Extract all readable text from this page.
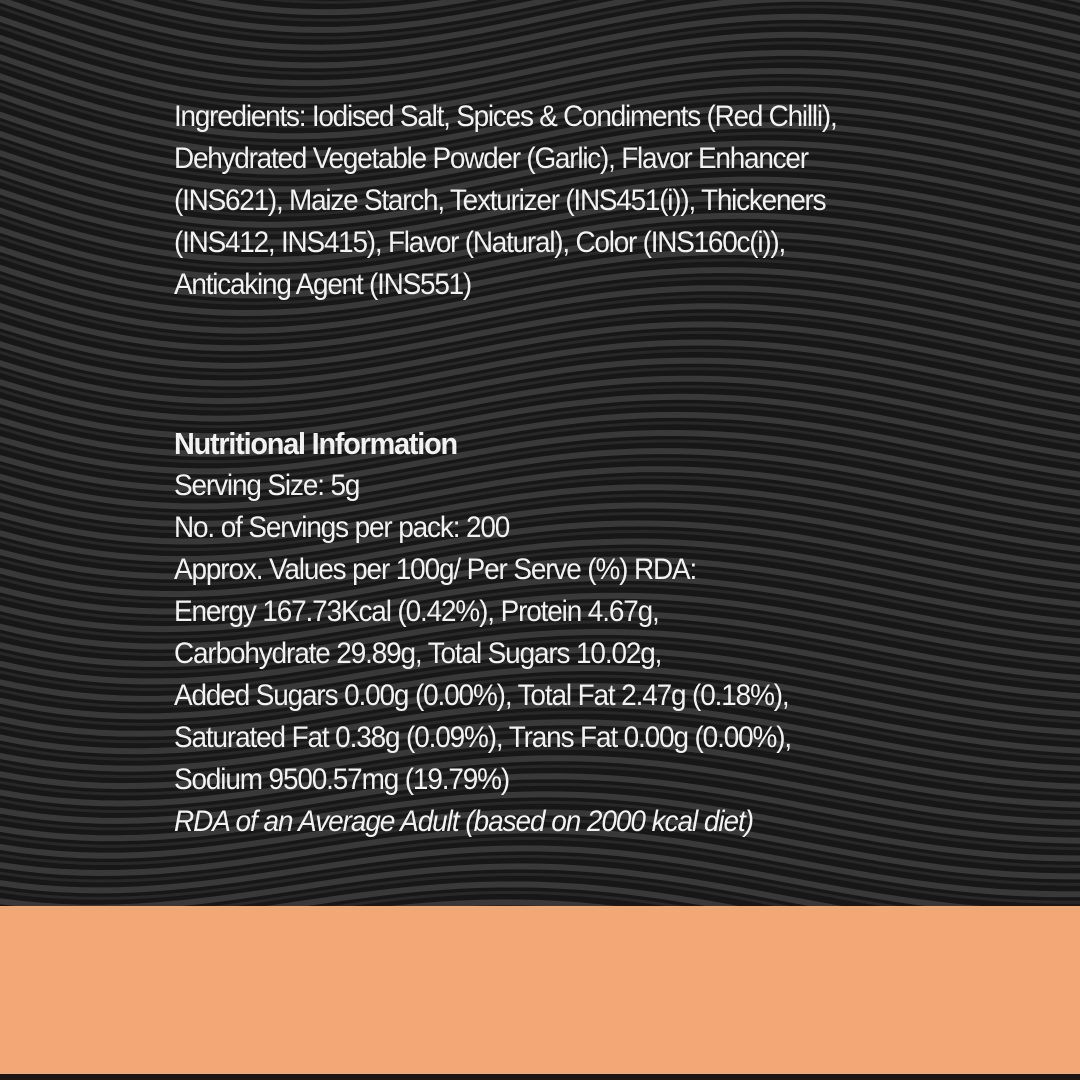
Ingredients: Iodised Salt, Spices & Condiments (Red Chilli), Dehydrated Vegetable Powder (Garlic), Flavor Enhancer (INS621), Maize Starch, Texturizer (INS451(i)), Thickeners (INS412, INS415), Flavor (Natural), Color (INS160c(i)), Anticaking Agent (INS551)

Nutritional Information

Serving Size: 5g

No. of Servings per pack: 200

Approx. Values per 100g/ Per Serve (%) RDA:

Energy 167.73Kcal (0.42%), Protein 4.67g,

Carbohydrate 29.89g, Total Sugars 10.02g,

Added Sugars 0.00g (0.00%), Total Fat 2.47g (0.18%),

Saturated Fat 0.38g (0.09%), Trans Fat 0.00g (0.00%),

Sodium 9500.57mg (19.79%)

RDA of an Average Adult (based on 2000 kcal diet)
